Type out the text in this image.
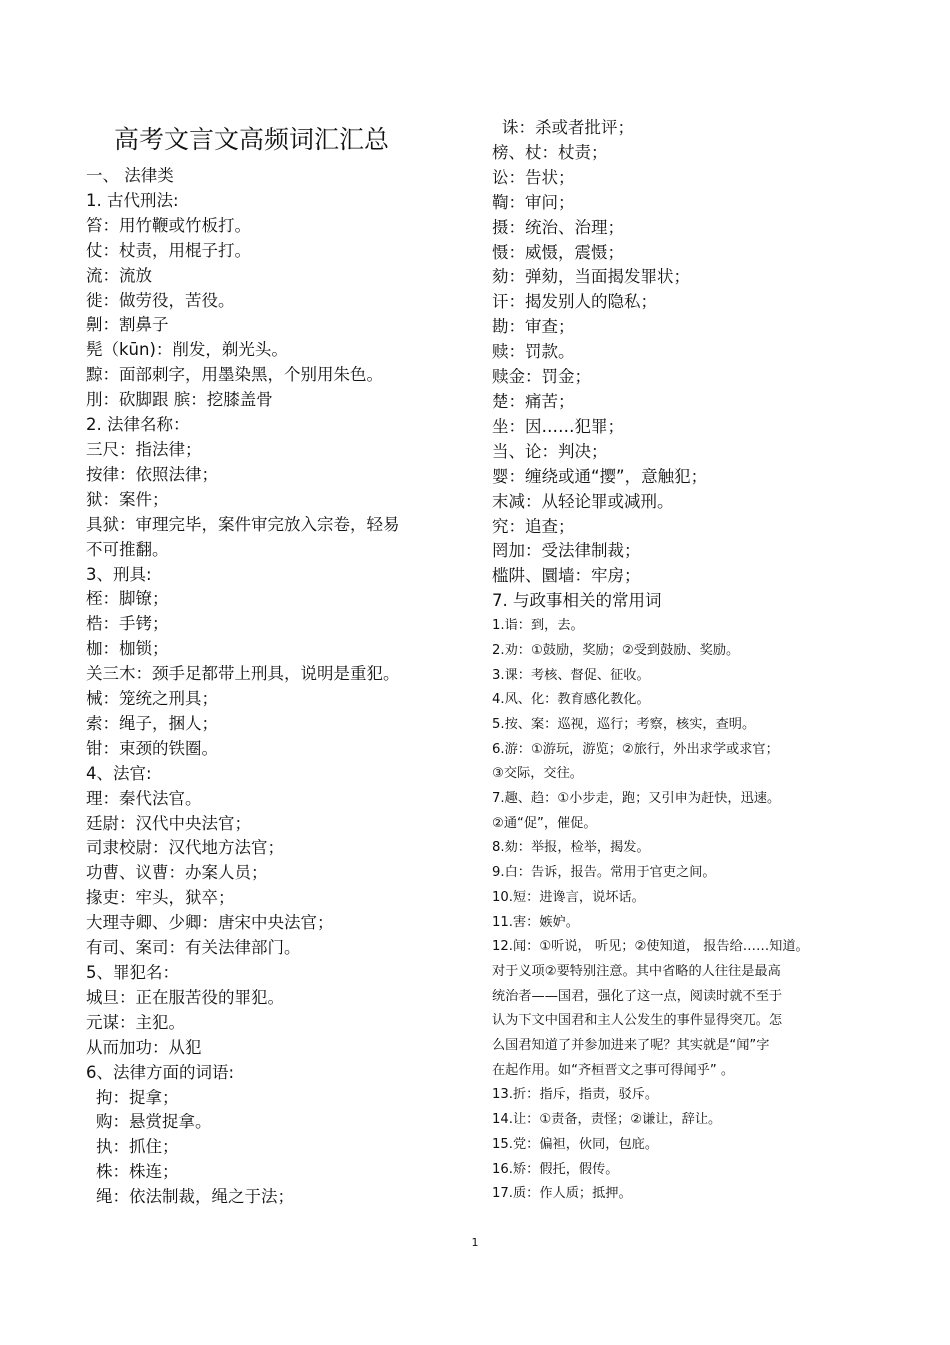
高考文言文高频词汇汇总
一、 法律类
1. 古代刑法:
笞：用竹鞭或竹板打。
仗：杖责，用棍子打。
流：流放
徙：做劳役，苦役。
劓：割鼻子
髡（kūn)：削发，剃光头。
黥：面部刺字，用墨染黑，个别用朱色。
刖：砍脚跟 膑：挖膝盖骨
2. 法律名称：
三尺：指法律；
按律：依照法律；
狱：案件；
具狱：审理完毕，案件审完放入宗卷，轻易
不可推翻。
3、刑具:
桎：脚镣；
梏：手铐；
枷：枷锁；
关三木：颈手足都带上刑具，说明是重犯。
械：笼统之刑具；
索：绳子，捆人；
钳：束颈的铁圈。
4、法官:
理：秦代法官。
廷尉：汉代中央法官；
司隶校尉：汉代地方法官；
功曹、议曹：办案人员；
掾吏：牢头，狱卒；
大理寺卿、少卿：唐宋中央法官；
有司、案司：有关法律部门。
5、罪犯名：
城旦：正在服苦役的罪犯。
元谋：主犯。
从而加功：从犯
6、法律方面的词语:
拘：捉拿；
购：悬赏捉拿。
执：抓住；
株：株连；
绳：依法制裁，绳之于法；
诛：杀或者批评；
榜、杖：杖责；
讼：告状；
鞫：审问；
摄：统治、治理；
慑：威慑，震慑；
劾：弹劾，当面揭发罪状；
讦：揭发别人的隐私；
勘：审查；
赎：罚款。
赎金：罚金；
楚：痛苦；
坐：因……犯罪；
当、论：判决；
婴：缠绕或通“撄”，意触犯；
末减：从轻论罪或减刑。
究：追查；
罔加：受法律制裁；
槛阱、圜墙：牢房；
7. 与政事相关的常用词
1.诣：到，去。
2.劝：①鼓励，奖励；②受到鼓励、奖励。
3.课：考核、督促、征收。
4.风、化：教育感化教化。
5.按、案：巡视，巡行；考察，核实，查明。
6.游：①游玩，游览；②旅行，外出求学或求官；
③交际，交往。
7.趣、趋：①小步走，跑；又引申为赶快，迅速。
②通“促”，催促。
8.劾：举报，检举，揭发。
9.白：告诉，报告。常用于官吏之间。
10.短：进谗言，说坏话。
11.害：嫉妒。
12.闻：①听说， 听见；②使知道， 报告给……知道。
对于义项②要特别注意。其中省略的人往往是最高
统治者——国君，强化了这一点，阅读时就不至于
认为下文中国君和主人公发生的事件显得突兀。怎
么国君知道了并参加进来了呢？其实就是“闻”字
在起作用。如“齐桓晋文之事可得闻乎” 。
13.折：指斥，指责，驳斥。
14.让：①责备，责怪；②谦让，辞让。
15.党：偏袒，伙同，包庇。
16.矫：假托，假传。
17.质：作人质；抵押。
1
